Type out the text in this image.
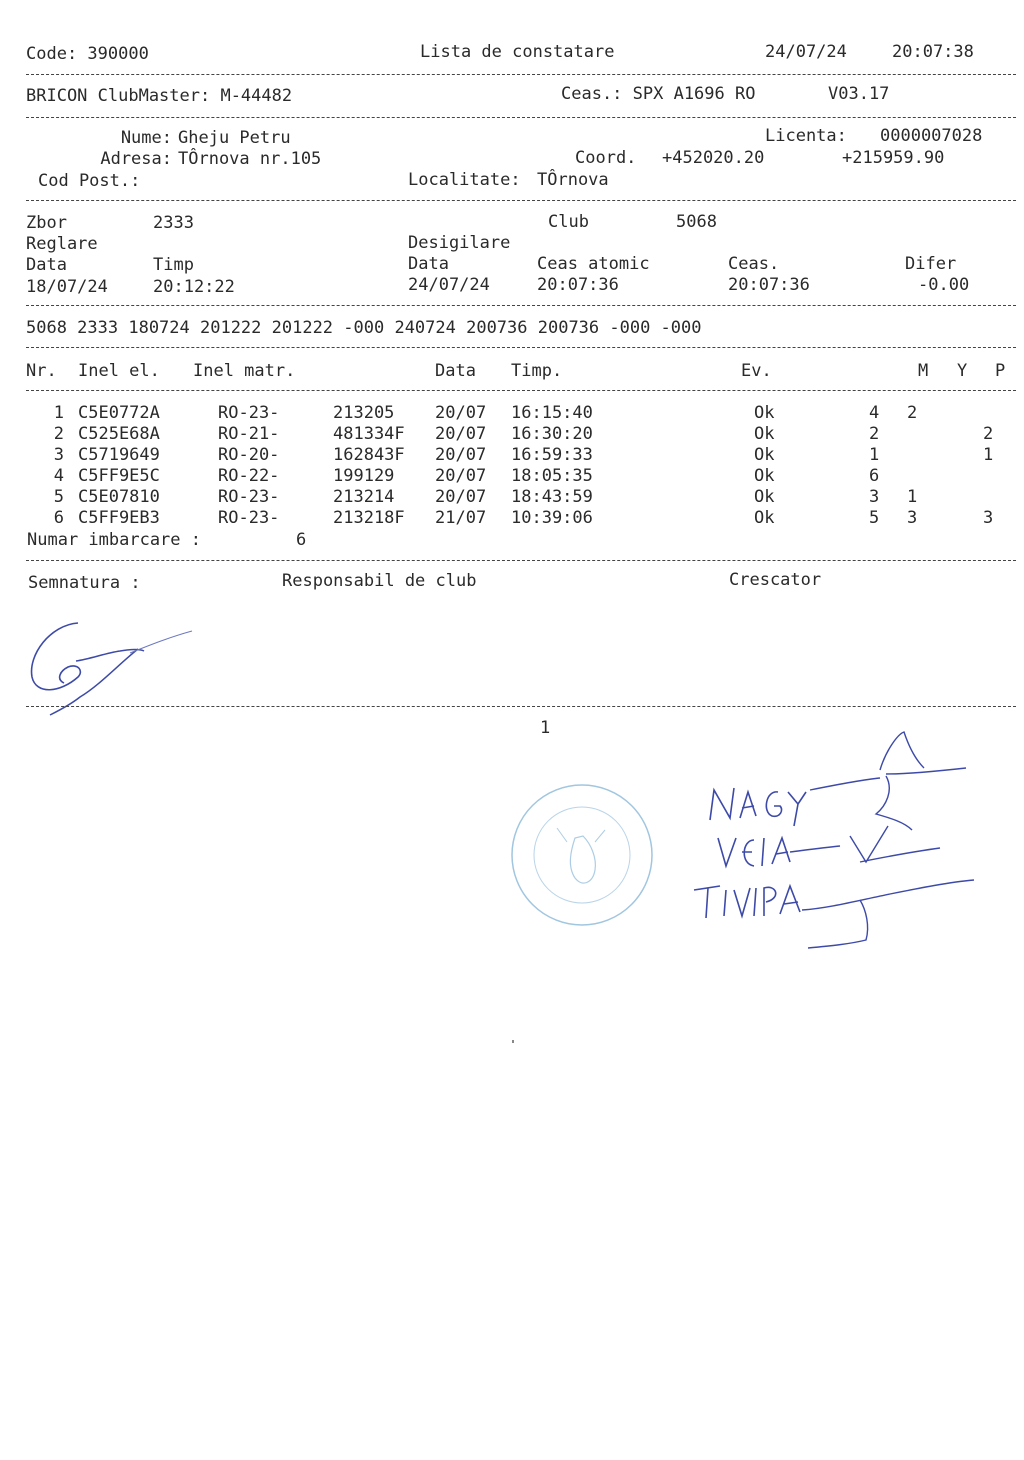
Code: 390000	Lista de constatare	24/07/24	20:07:38
BRICON ClubMaster: M-44482	Ceas.: SPX A1696 RO	V03.17
Nume: Gheju Petru	Licenta: 0000007028
Adresa: TÔrnova nr.105	Coord. +452020.20	+215959.90
Cod Post.:	Localitate: TÔrnova
Zbor	2333	Club	5068
Reglare	Desigilare
Data	Timp	Data	Ceas atomic	Ceas.	Difer
18/07/24	20:12:22	24/07/24	20:07:36	20:07:36	-0.00
5068 2333 180724 201222 201222 -000 240724 200736 200736 -000 -000
Nr. Inel el. Inel matr.	Data Timp.	Ev.	M Y P
1 C5E0772A	RO-23-	213205 20/07 16:15:40	Ok	4 2
2 C525E68A	RO-21-	481334F 20/07 16:30:20	Ok	2	2
3 C5719649	RO-20-	162843F 20/07 16:59:33	Ok	1	1
4 C5FF9E5C	RO-22-	199129 20/07 18:05:35	Ok	6
5 C5E07810	RO-23-	213214 20/07 18:43:59	Ok	3 1
6 C5FF9EB3	RO-23-	213218F 21/07 10:39:06	Ok	5 3	3
Numar imbarcare :	6
Semnatura :	Responsabil de club	Crescator
1
